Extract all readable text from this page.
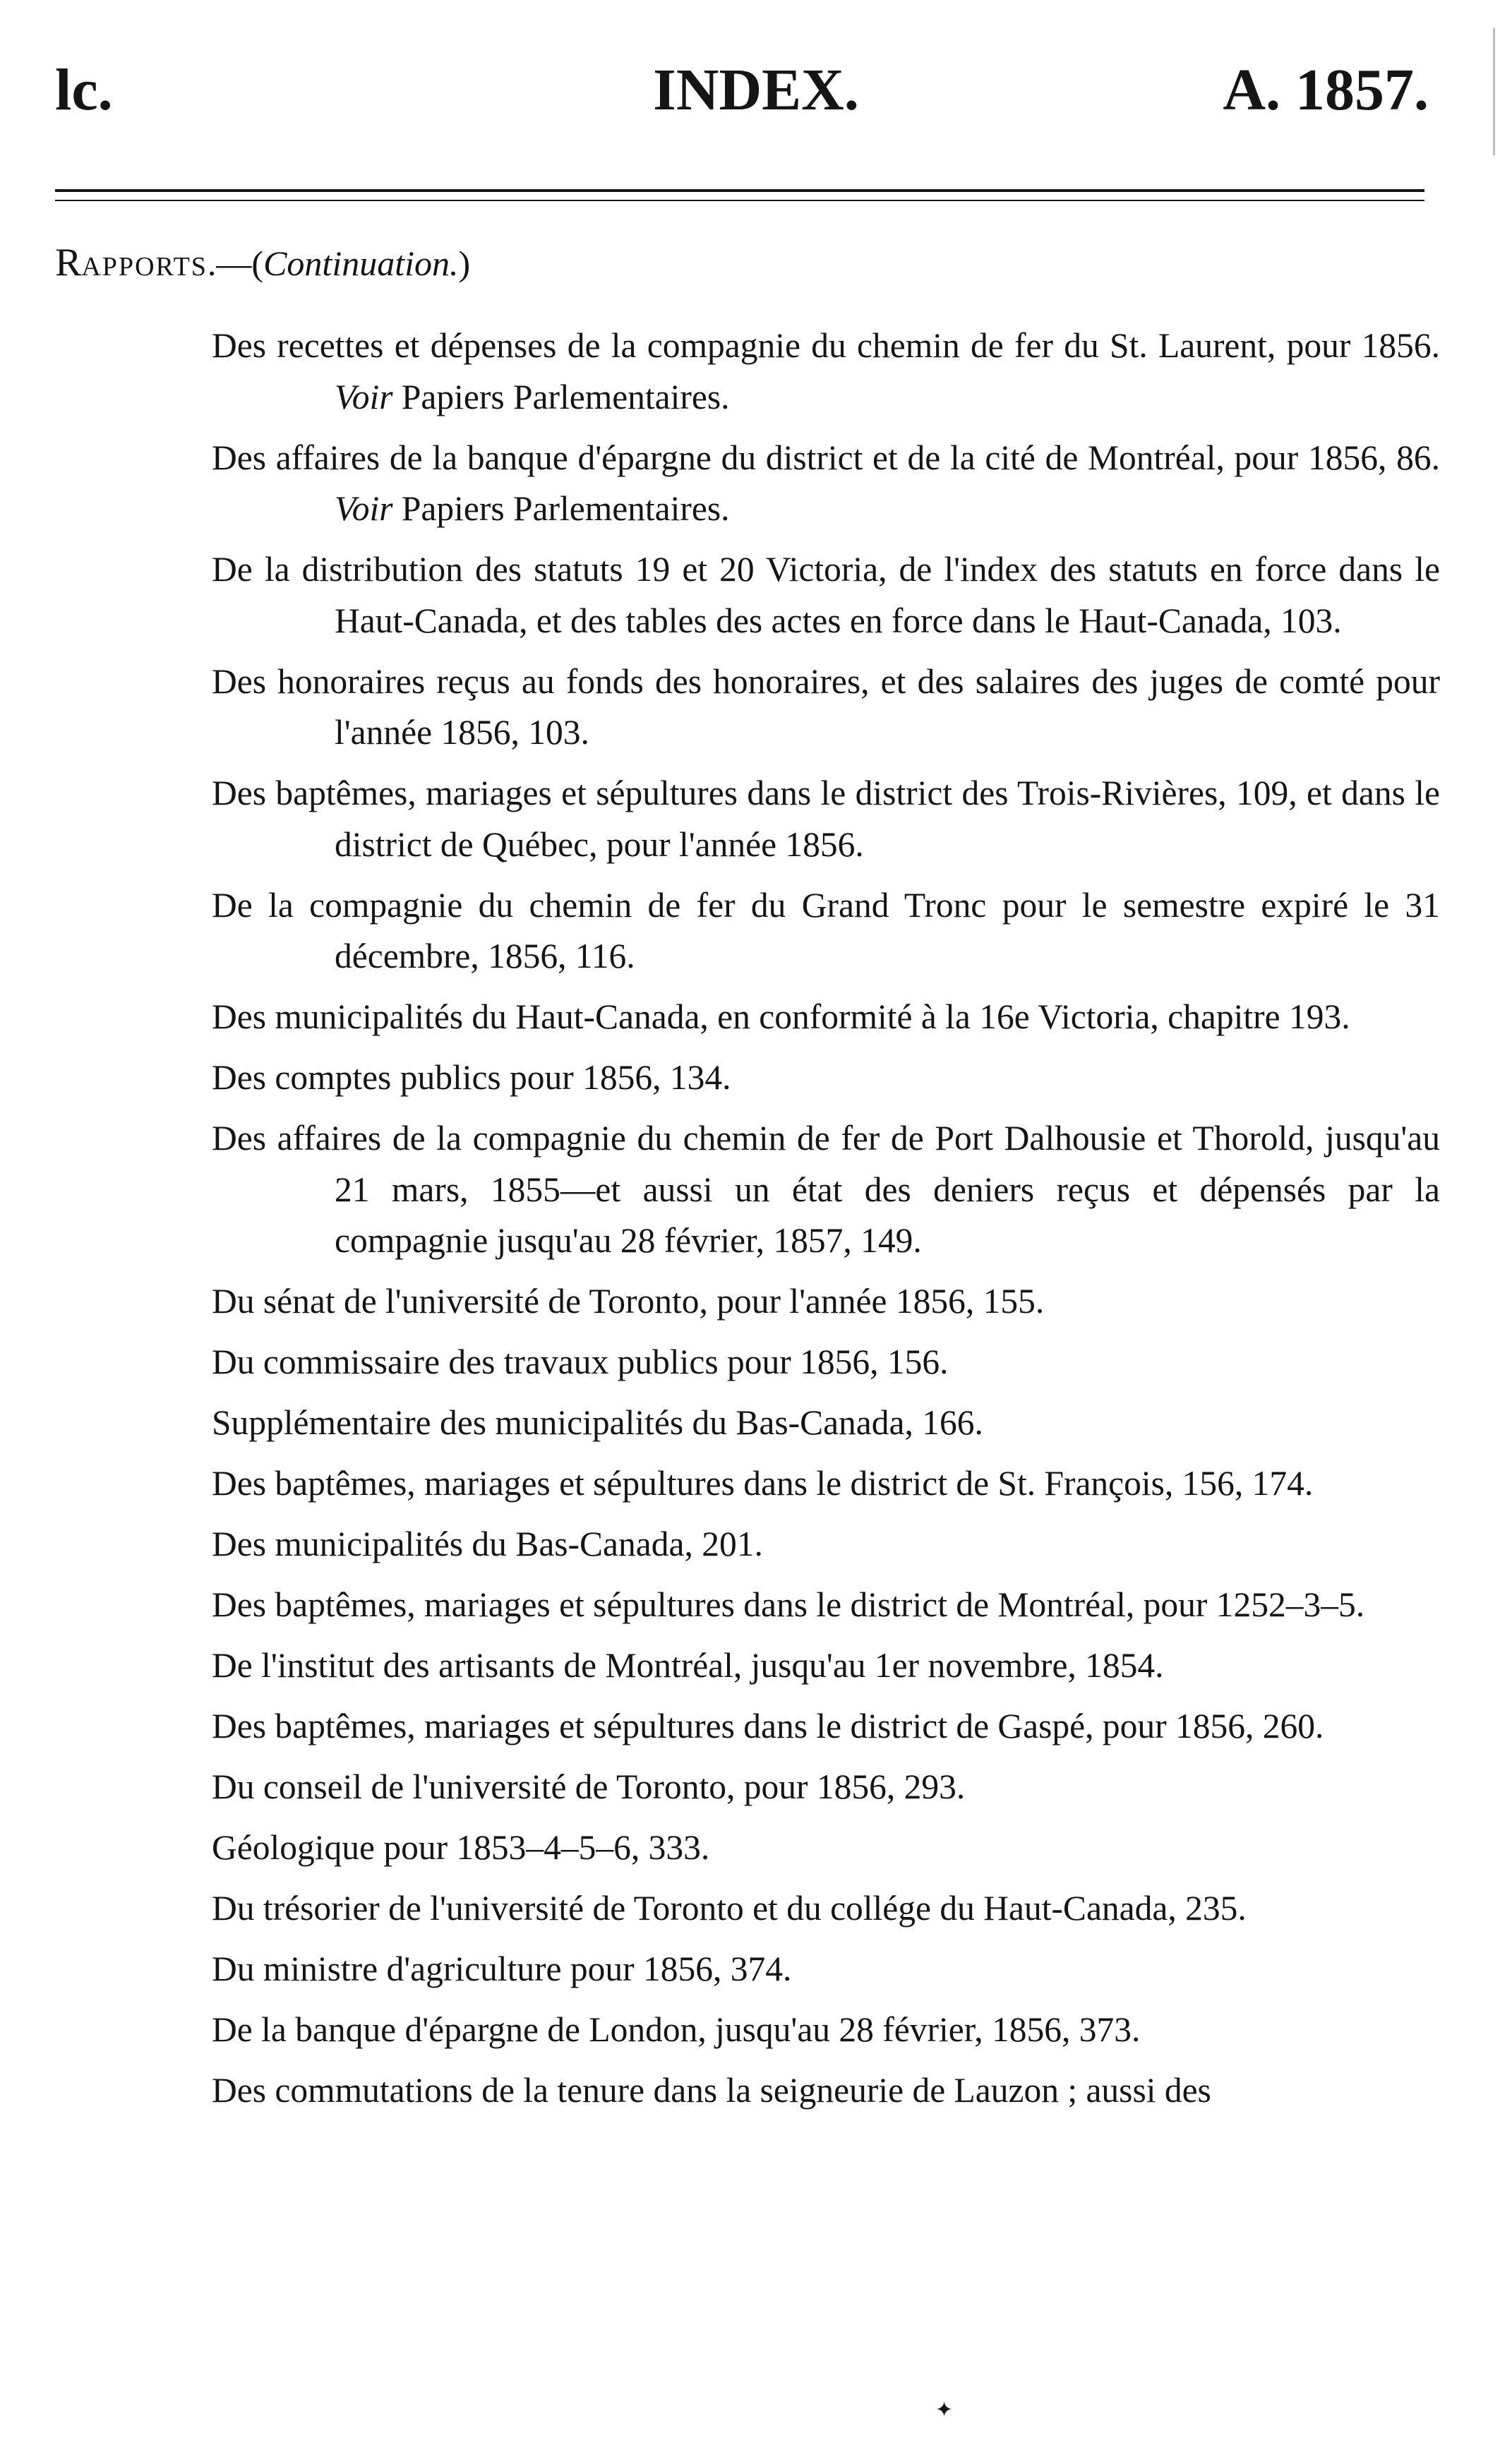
lc.	INDEX.	A. 1857.
RAPPORTS.—(Continuation.)
Des recettes et dépenses de la compagnie du chemin de fer du St. Laurent, pour 1856. Voir Papiers Parlementaires.
Des affaires de la banque d'épargne du district et de la cité de Montréal, pour 1856, 86. Voir Papiers Parlementaires.
De la distribution des statuts 19 et 20 Victoria, de l'index des statuts en force dans le Haut-Canada, et des tables des actes en force dans le Haut-Canada, 103.
Des honoraires reçus au fonds des honoraires, et des salaires des juges de comté pour l'année 1856, 103.
Des baptêmes, mariages et sépultures dans le district des Trois-Rivières, 109, et dans le district de Québec, pour l'année 1856.
De la compagnie du chemin de fer du Grand Tronc pour le semestre expiré le 31 décembre, 1856, 116.
Des municipalités du Haut-Canada, en conformité à la 16e Victoria, chapitre 193.
Des comptes publics pour 1856, 134.
Des affaires de la compagnie du chemin de fer de Port Dalhousie et Thorold, jusqu'au 21 mars, 1855—et aussi un état des deniers reçus et dépensés par la compagnie jusqu'au 28 février, 1857, 149.
Du sénat de l'université de Toronto, pour l'année 1856, 155.
Du commissaire des travaux publics pour 1856, 156.
Supplémentaire des municipalités du Bas-Canada, 166.
Des baptêmes, mariages et sépultures dans le district de St. François, 156, 174.
Des municipalités du Bas-Canada, 201.
Des baptêmes, mariages et sépultures dans le district de Montréal, pour 1252–3–5.
De l'institut des artisants de Montréal, jusqu'au 1er novembre, 1854.
Des baptêmes, mariages et sépultures dans le district de Gaspé, pour 1856, 260.
Du conseil de l'université de Toronto, pour 1856, 293.
Géologique pour 1853–4–5–6, 333.
Du trésorier de l'université de Toronto et du collége du Haut-Canada, 235.
Du ministre d'agriculture pour 1856, 374.
De la banque d'épargne de London, jusqu'au 28 février, 1856, 373.
Des commutations de la tenure dans la seigneurie de Lauzon ; aussi des
✦
